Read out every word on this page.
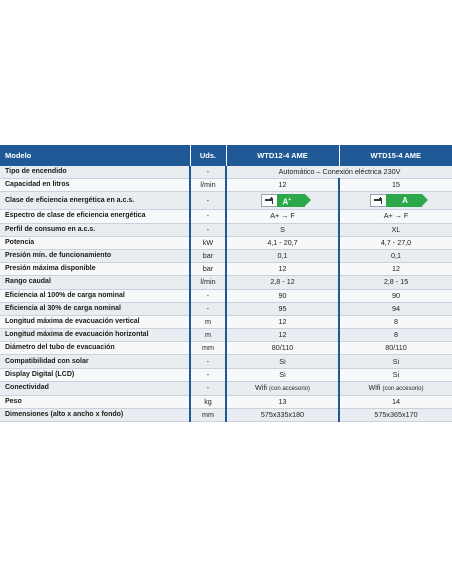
Modelo	Uds.	WTD12-4 AME	WTD15-4 AME
Tipo de encendido	-	Automático – Conexión eléctrica 230V	
Capacidad en litros	l/min	12	15
Clase de eficiencia energética en a.c.s.	-	A+	A

Espectro de clase de eficiencia energética	-	A+ → F	A+ → F
Perfil de consumo en a.c.s.	-	S	XL
Potencia	kW	4,1 - 20,7	4,7 - 27,0
Presión mín. de funcionamiento	bar	0,1	0,1
Presión máxima disponible	bar	12	12
Rango caudal	l/min	2,8 - 12	2,8 - 15
Eficiencia al 100% de carga nominal	-	90	90
Eficiencia al 30% de carga nominal	-	95	94
Longitud máxima de evacuación vertical	m	12	8
Longitud máxima de evacuación horizontal	m	12	8
Diámetro del tubo de evacuación	mm	80/110	80/110
Compatibilidad con solar	-	Si	Si
Display Digital (LCD)	-	Si	Si
Conectividad	-	Wifi (con accesorio)	Wifi (con accesorio)
Peso	kg	13	14
Dimensiones (alto x ancho x fondo)	mm	575x335x180	575x365x170
